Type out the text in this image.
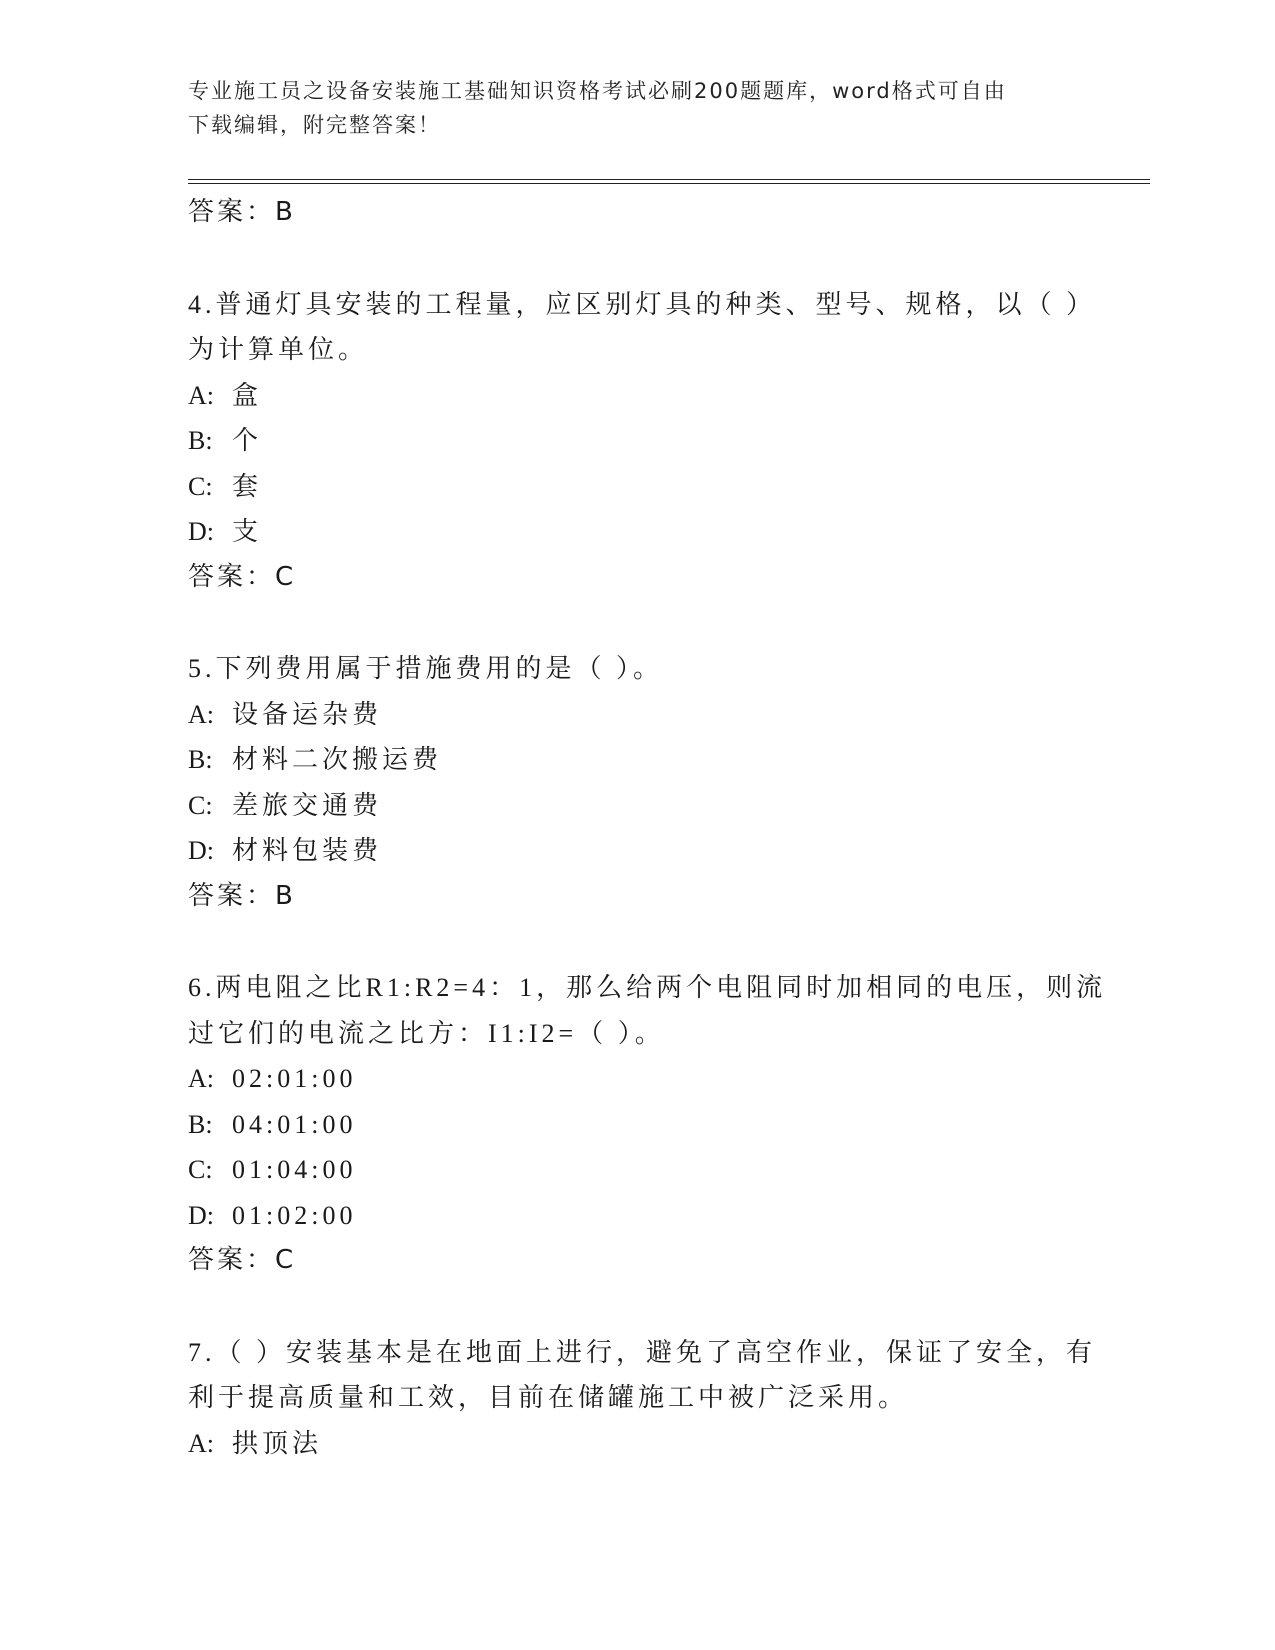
专业施工员之设备安装施工基础知识资格考试必刷200题题库，word格式可自由
下载编辑，附完整答案！
答案：B
4.普通灯具安装的工程量，应区别灯具的种类、型号、规格，以（ ）
为计算单位。
A: 盒
B: 个
C: 套
D: 支
答案：C
5.下列费用属于措施费用的是（ ）。
A: 设备运杂费
B: 材料二次搬运费
C: 差旅交通费
D: 材料包装费
答案：B
6.两电阻之比R1:R2=4：1，那么给两个电阻同时加相同的电压，则流
过它们的电流之比方：I1:I2=（ ）。
A: 02:01:00
B: 04:01:00
C: 01:04:00
D: 01:02:00
答案：C
7.（ ）安装基本是在地面上进行，避免了高空作业，保证了安全，有
利于提高质量和工效，目前在储罐施工中被广泛采用。
A: 拱顶法
